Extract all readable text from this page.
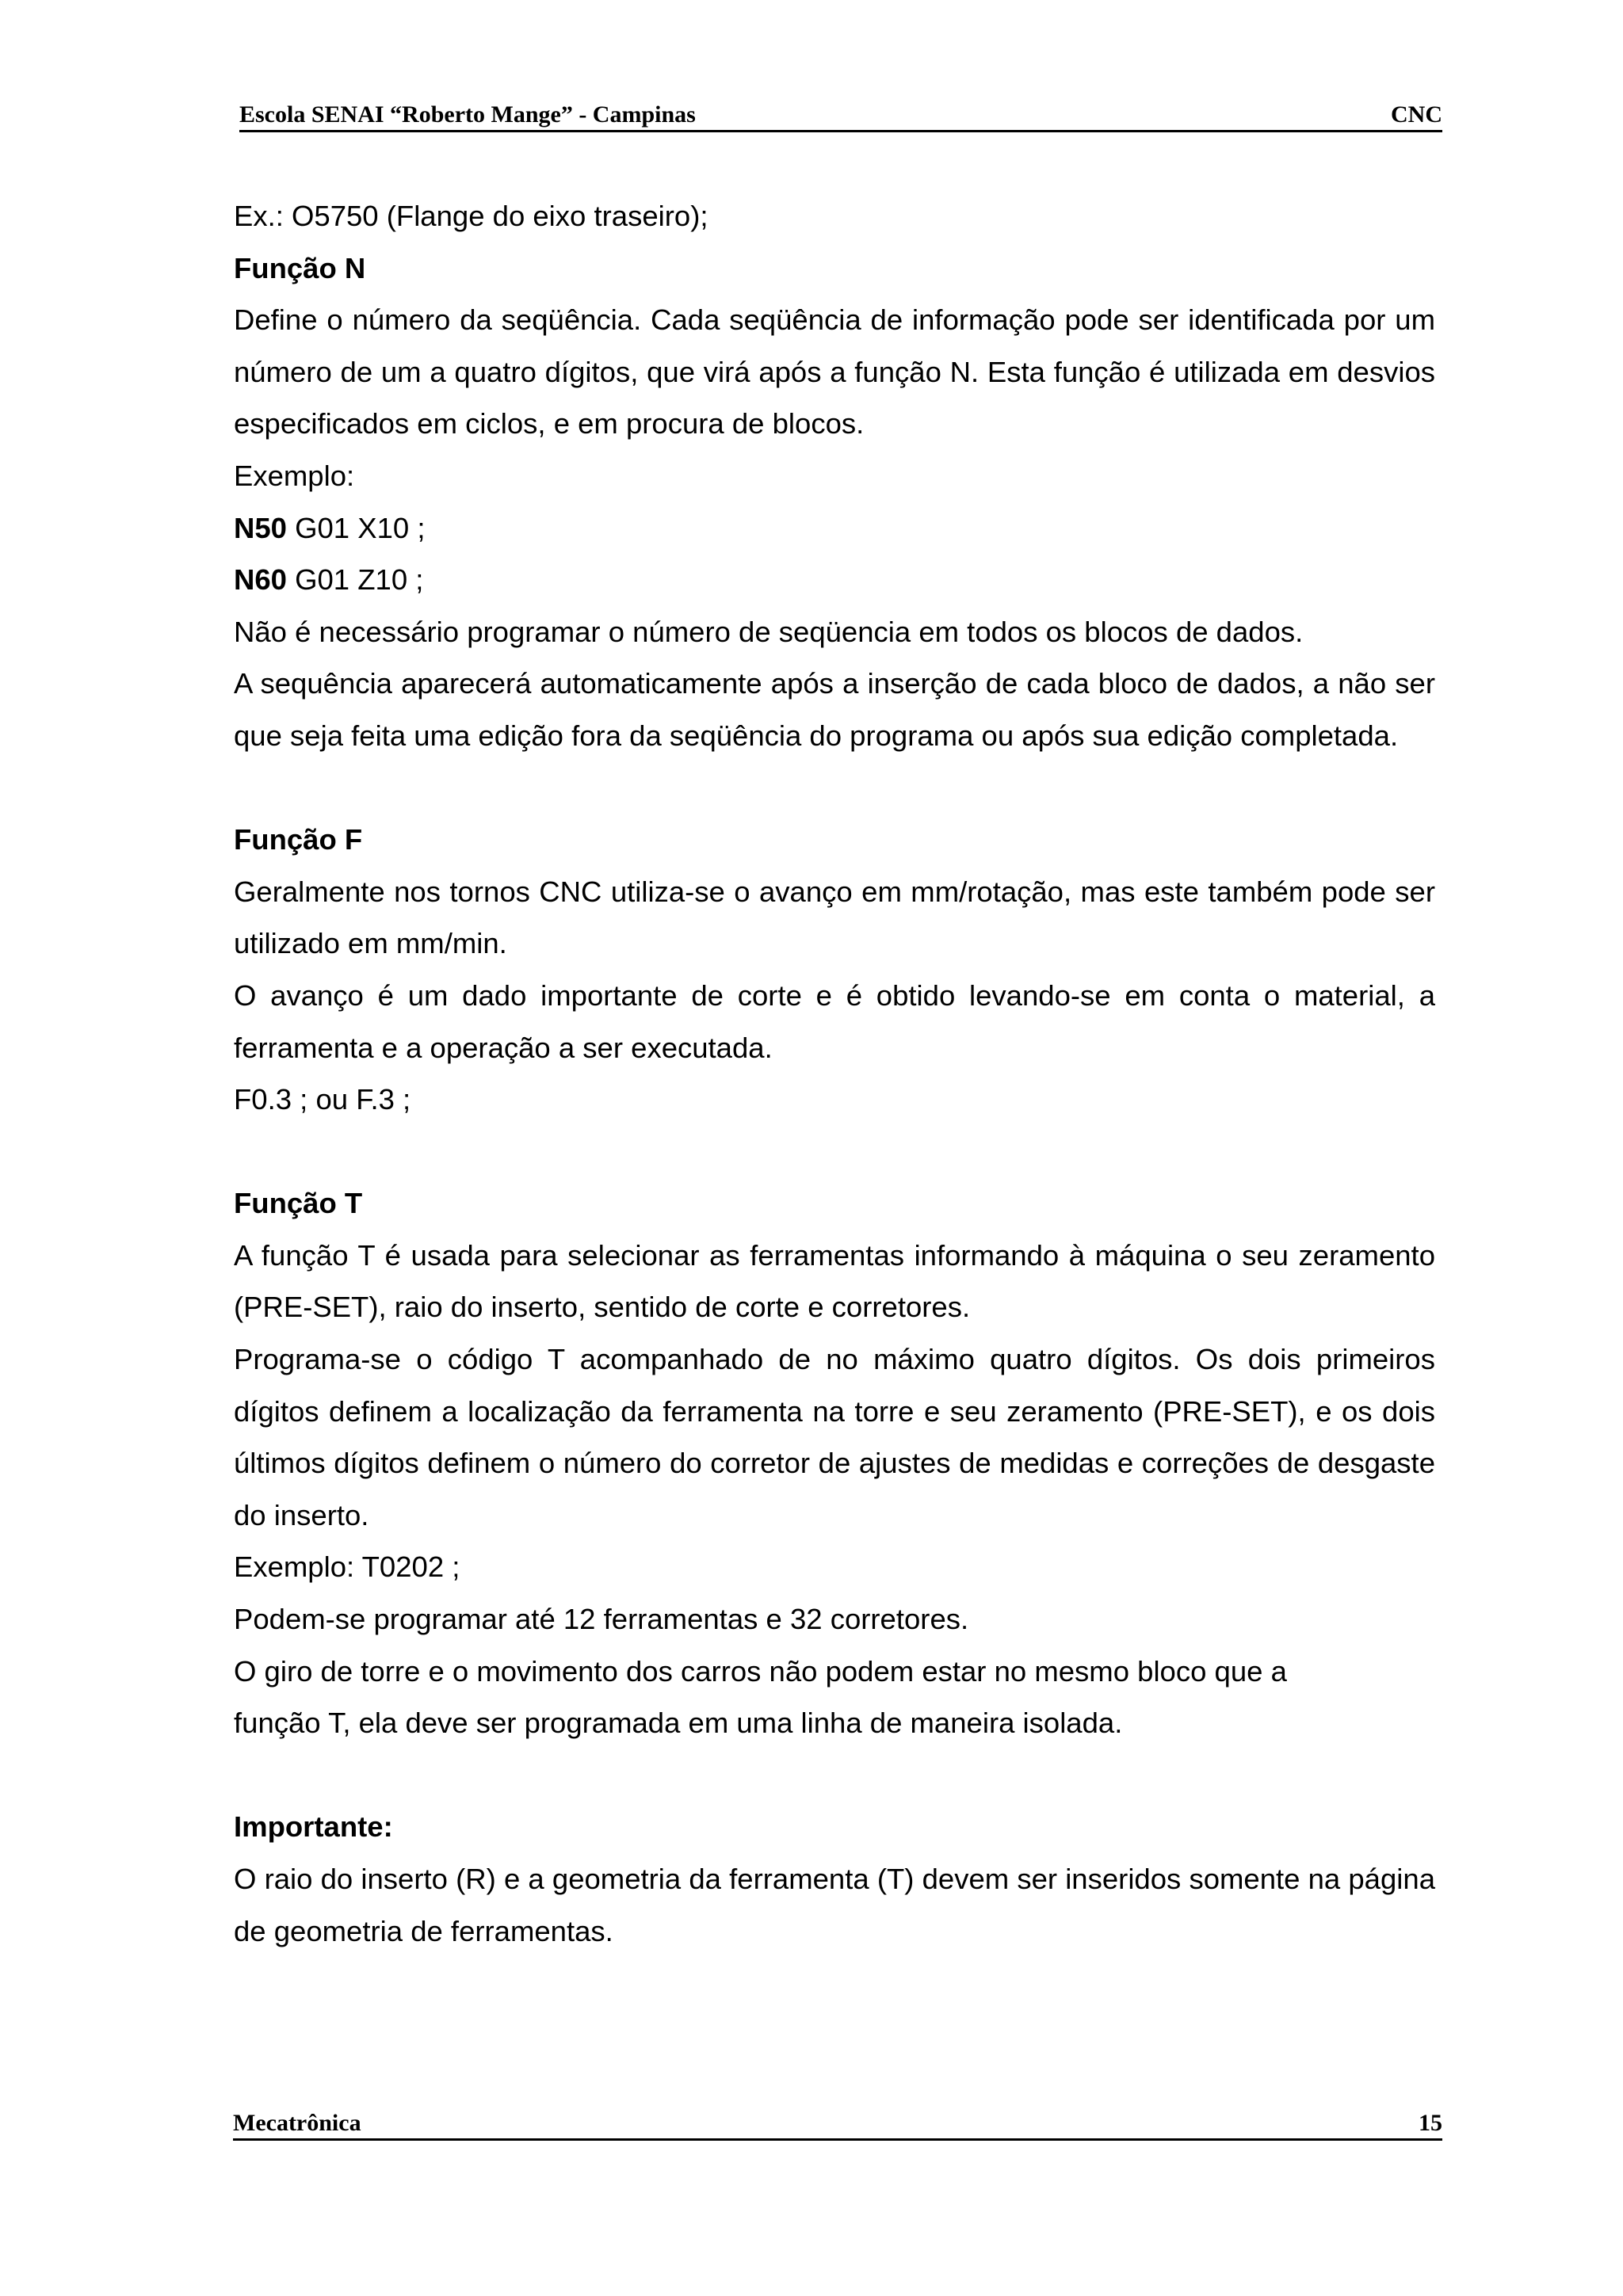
Escola SENAI “Roberto Mange” - Campinas	CNC

Ex.: O5750 (Flange do eixo traseiro);

Função N

Define o número da seqüência. Cada seqüência de informação pode ser identificada por um número de um a quatro dígitos, que virá após a função N. Esta função é utilizada em desvios especificados em ciclos, e em procura de blocos.

Exemplo:

N50 G01 X10 ;

N60 G01 Z10 ;

Não é necessário programar o número de seqüencia em todos os blocos de dados.

A sequência aparecerá automaticamente após a inserção de cada bloco de dados, a não ser que seja feita uma edição fora da seqüência do programa ou após sua edição completada.

Função F

Geralmente nos tornos CNC utiliza-se o avanço em mm/rotação, mas este também pode ser utilizado em mm/min.

O avanço é um dado importante de corte e é obtido levando-se em conta o material, a ferramenta e a operação a ser executada.

F0.3 ; ou F.3 ;

Função T

A função T é usada para selecionar as ferramentas informando à máquina o seu zeramento (PRE-SET), raio do inserto, sentido de corte e corretores.

Programa-se o código T acompanhado de no máximo quatro dígitos. Os dois primeiros dígitos definem a localização da ferramenta na torre e seu zeramento (PRE-SET), e os dois últimos dígitos definem o número do corretor de ajustes de medidas e correções de desgaste do inserto.

Exemplo: T0202 ;

Podem-se programar até 12 ferramentas e 32 corretores.

O giro de torre e o movimento dos carros não podem estar no mesmo bloco que a

função T, ela deve ser programada em uma linha de maneira isolada.

Importante:

O raio do inserto (R) e a geometria da ferramenta (T) devem ser inseridos somente na página de geometria de ferramentas.

Mecatrônica	15
